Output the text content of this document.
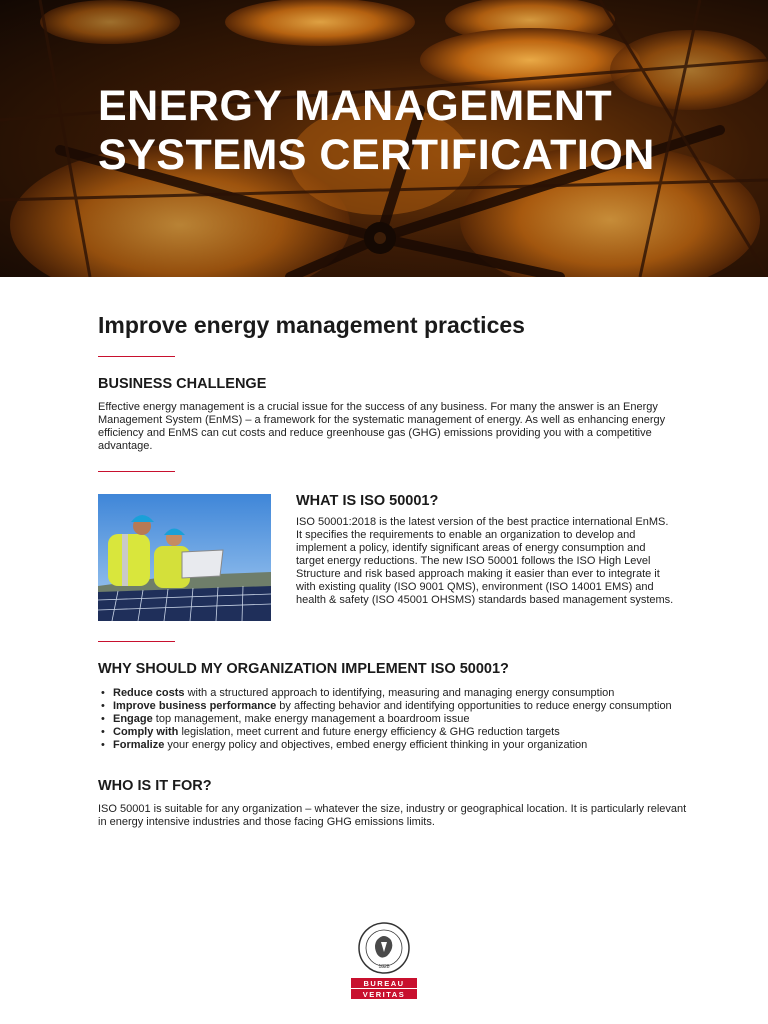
ENERGY MANAGEMENT
SYSTEMS CERTIFICATION
Improve energy management practices
BUSINESS CHALLENGE

Effective energy management is a crucial issue for the success of any business. For many the answer is an Energy Management System (EnMS) – a framework for the systematic management of energy. As well as enhancing energy efficiency and EnMS can cut costs and reduce greenhouse gas (GHG) emissions providing you with a competitive advantage.

WHAT IS ISO 50001?

ISO 50001:2018 is the latest version of the best practice international EnMS. It specifies the requirements to enable an organization to develop and implement a policy, identify significant areas of energy consumption and target energy reductions. The new ISO 50001 follows the ISO High Level Structure and risk based approach making it easier than ever to integrate it with existing quality (ISO 9001 QMS), environment (ISO 14001 EMS) and health & safety (ISO 45001 OHSMS) standards based management systems.

WHY SHOULD MY ORGANIZATION IMPLEMENT ISO 50001?
• Reduce costs with a structured approach to identifying, measuring and managing energy consumption
• Improve business performance by affecting behavior and identifying opportunities to reduce energy consumption
• Engage top management, make energy management a boardroom issue
• Comply with legislation, meet current and future energy efficiency & GHG reduction targets
• Formalize your energy policy and objectives, embed energy efficient thinking in your organization
WHO IS IT FOR?

ISO 50001 is suitable for any organization – whatever the size, industry or geographical location. It is particularly relevant in energy intensive industries and those facing GHG emissions limits.

1828
BUREAU
VERITAS
